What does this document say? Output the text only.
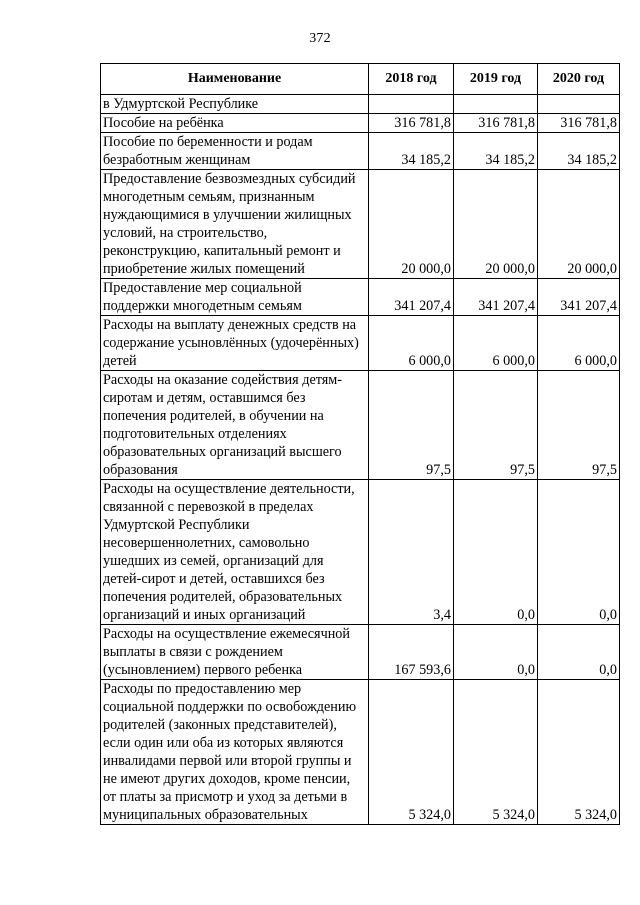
372
Наименование	2018 год	2019 год	2020 год
в Удмуртской Республике			
Пособие на ребёнка	316 781,8	316 781,8	316 781,8
Пособие по беременности и родам безработным женщинам	34 185,2	34 185,2	34 185,2
Предоставление безвозмездных субсидий многодетным семьям, признанным нуждающимися в улучшении жилищных условий, на строительство, реконструкцию, капитальный ремонт и приобретение жилых помещений	20 000,0	20 000,0	20 000,0
Предоставление мер социальной поддержки многодетным семьям	341 207,4	341 207,4	341 207,4
Расходы на выплату денежных средств на содержание усыновлённых (удочерённых) детей	6 000,0	6 000,0	6 000,0
Расходы на оказание содействия детям-сиротам и детям, оставшимся без попечения родителей, в обучении на подготовительных отделениях образовательных организаций высшего образования	97,5	97,5	97,5
Расходы на осуществление деятельности, связанной с перевозкой в пределах Удмуртской Республики несовершеннолетних, самовольно ушедших из семей, организаций для детей-сирот и детей, оставшихся без попечения родителей, образовательных организаций и иных организаций	3,4	0,0	0,0
Расходы на осуществление ежемесячной выплаты в связи с рождением (усыновлением) первого ребенка	167 593,6	0,0	0,0
Расходы по предоставлению мер социальной поддержки по освобождению родителей (законных представителей), если один или оба из которых являются инвалидами первой или второй группы и не имеют других доходов, кроме пенсии, от платы за присмотр и уход за детьми в муниципальных образовательных	5 324,0	5 324,0	5 324,0
